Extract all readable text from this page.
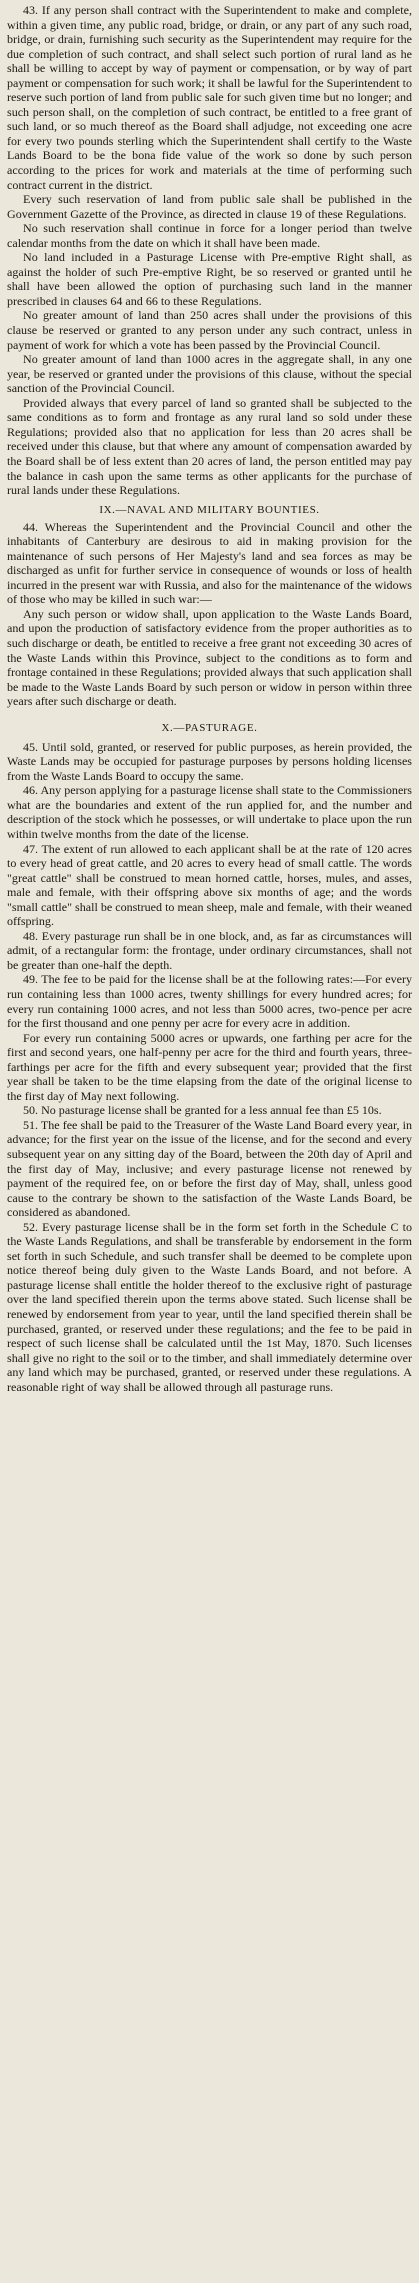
43. If any person shall contract with the Superintendent to make and complete, within a given time, any public road, bridge, or drain, or any part of any such road, bridge, or drain, furnishing such security as the Superintendent may require for the due completion of such contract, and shall select such portion of rural land as he shall be willing to accept by way of payment or compensation, or by way of part payment or compensation for such work; it shall be lawful for the Superintendent to reserve such portion of land from public sale for such given time but no longer; and such person shall, on the completion of such contract, be entitled to a free grant of such land, or so much thereof as the Board shall adjudge, not exceeding one acre for every two pounds sterling which the Superintendent shall certify to the Waste Lands Board to be the bona fide value of the work so done by such person according to the prices for work and materials at the time of performing such contract current in the district.

Every such reservation of land from public sale shall be published in the Government Gazette of the Province, as directed in clause 19 of these Regulations.

No such reservation shall continue in force for a longer period than twelve calendar months from the date on which it shall have been made.

No land included in a Pasturage License with Pre-emptive Right shall, as against the holder of such Pre-emptive Right, be so reserved or granted until he shall have been allowed the option of purchasing such land in the manner prescribed in clauses 64 and 66 to these Regulations.

No greater amount of land than 250 acres shall under the provisions of this clause be reserved or granted to any person under any such contract, unless in payment of work for which a vote has been passed by the Provincial Council.

No greater amount of land than 1000 acres in the aggregate shall, in any one year, be reserved or granted under the provisions of this clause, without the special sanction of the Provincial Council.

Provided always that every parcel of land so granted shall be subjected to the same conditions as to form and frontage as any rural land so sold under these Regulations; provided also that no application for less than 20 acres shall be received under this clause, but that where any amount of compensation awarded by the Board shall be of less extent than 20 acres of land, the person entitled may pay the balance in cash upon the same terms as other applicants for the purchase of rural lands under these Regulations.

IX.—NAVAL AND MILITARY BOUNTIES.

44. Whereas the Superintendent and the Provincial Council and other the inhabitants of Canterbury are desirous to aid in making provision for the maintenance of such persons of Her Majesty's land and sea forces as may be discharged as unfit for further service in consequence of wounds or loss of health incurred in the present war with Russia, and also for the maintenance of the widows of those who may be killed in such war:—

Any such person or widow shall, upon application to the Waste Lands Board, and upon the production of satisfactory evidence from the proper authorities as to such discharge or death, be entitled to receive a free grant not exceeding 30 acres of the Waste Lands within this Province, subject to the conditions as to form and frontage contained in these Regulations; provided always that such application shall be made to the Waste Lands Board by such person or widow in person within three years after such discharge or death.

X.—PASTURAGE.

45. Until sold, granted, or reserved for public purposes, as herein provided, the Waste Lands may be occupied for pasturage purposes by persons holding licenses from the Waste Lands Board to occupy the same.

46. Any person applying for a pasturage license shall state to the Commissioners what are the boundaries and extent of the run applied for, and the number and description of the stock which he possesses, or will undertake to place upon the run within twelve months from the date of the license.

47. The extent of run allowed to each applicant shall be at the rate of 120 acres to every head of great cattle, and 20 acres to every head of small cattle. The words "great cattle" shall be construed to mean horned cattle, horses, mules, and asses, male and female, with their offspring above six months of age; and the words "small cattle" shall be construed to mean sheep, male and female, with their weaned offspring.

48. Every pasturage run shall be in one block, and, as far as circumstances will admit, of a rectangular form: the frontage, under ordinary circumstances, shall not be greater than one-half the depth.

49. The fee to be paid for the license shall be at the following rates:—For every run containing less than 1000 acres, twenty shillings for every hundred acres; for every run containing 1000 acres, and not less than 5000 acres, two-pence per acre for the first thousand and one penny per acre for every acre in addition.

For every run containing 5000 acres or upwards, one farthing per acre for the first and second years, one half-penny per acre for the third and fourth years, three-farthings per acre for the fifth and every subsequent year; provided that the first year shall be taken to be the time elapsing from the date of the original license to the first day of May next following.

50. No pasturage license shall be granted for a less annual fee than £5 10s.

51. The fee shall be paid to the Treasurer of the Waste Land Board every year, in advance; for the first year on the issue of the license, and for the second and every subsequent year on any sitting day of the Board, between the 20th day of April and the first day of May, inclusive; and every pasturage license not renewed by payment of the required fee, on or before the first day of May, shall, unless good cause to the contrary be shown to the satisfaction of the Waste Lands Board, be considered as abandoned.

52. Every pasturage license shall be in the form set forth in the Schedule C to the Waste Lands Regulations, and shall be transferable by endorsement in the form set forth in such Schedule, and such transfer shall be deemed to be complete upon notice thereof being duly given to the Waste Lands Board, and not before. A pasturage license shall entitle the holder thereof to the exclusive right of pasturage over the land specified therein upon the terms above stated. Such license shall be renewed by endorsement from year to year, until the land specified therein shall be purchased, granted, or reserved under these regulations; and the fee to be paid in respect of such license shall be calculated until the 1st May, 1870. Such licenses shall give no right to the soil or to the timber, and shall immediately determine over any land which may be purchased, granted, or reserved under these regulations. A reasonable right of way shall be allowed through all pasturage runs.
